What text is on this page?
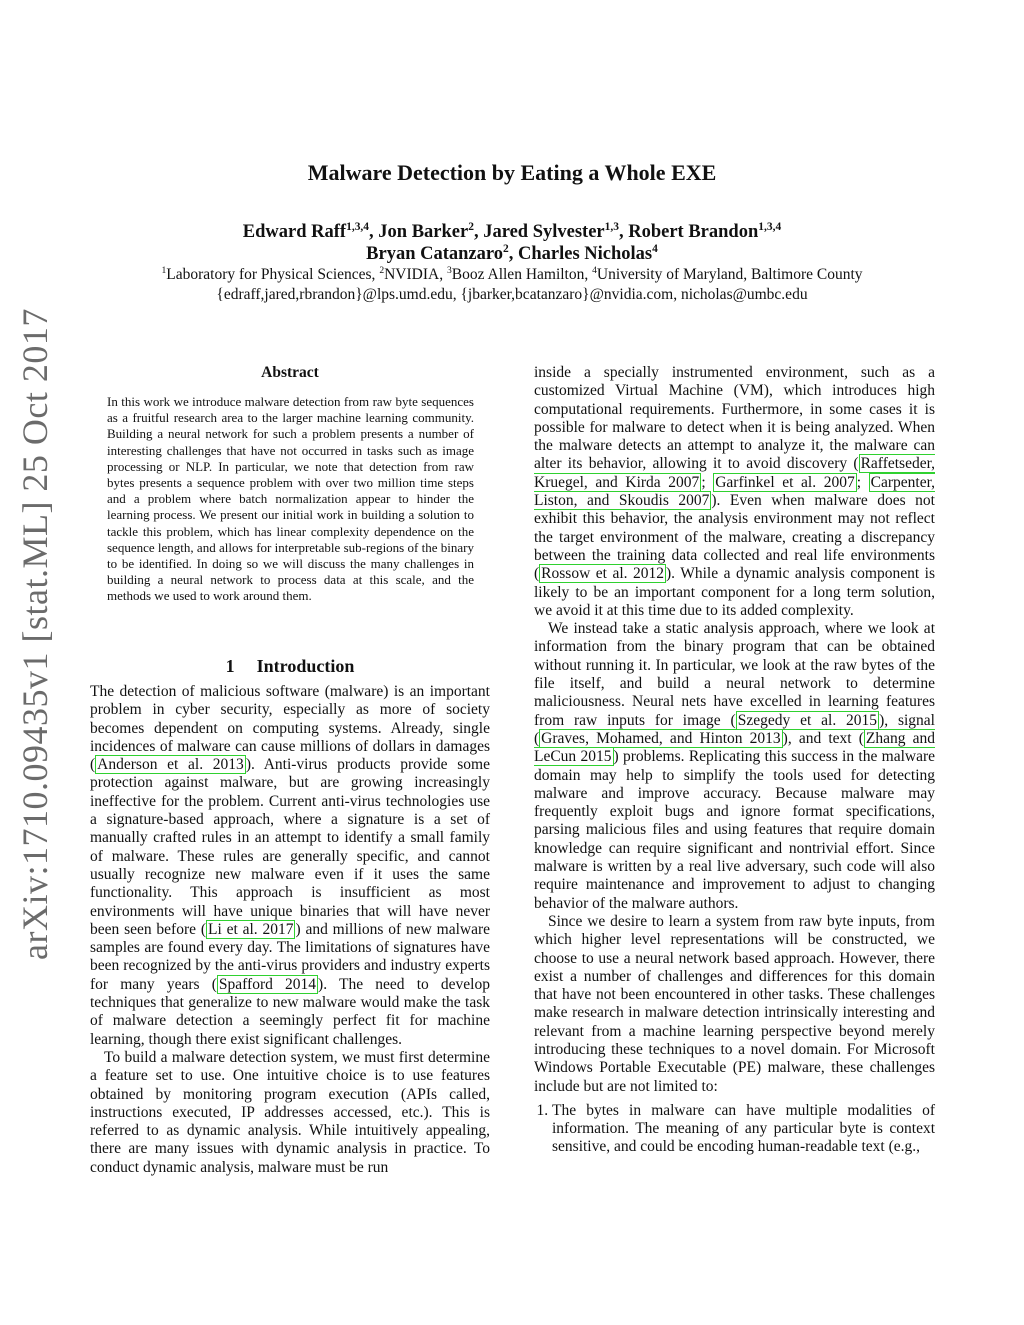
Malware Detection by Eating a Whole EXE
Edward Raff$^{1,3,4}$, Jon Barker$^2$, Jared Sylvester$^{1,3}$, Robert Brandon$^{1,3,4}$
Bryan Catanzaro$^2$, Charles Nicholas$^4$
$^1$Laboratory for Physical Sciences, $^2$NVIDIA, $^3$Booz Allen Hamilton, $^4$University of Maryland, Baltimore County
{edraff,jared,rbrandon}@lps.umd.edu, {jbarker,bcatanzaro}@nvidia.com, nicholas@umbc.edu
arXiv:1710.09435v1 [stat.ML] 25 Oct 2017	Abstract
In this work we introduce malware detection from raw byte sequences as a fruitful research area to the larger machine learning community. Building a neural network for such a problem presents a number of interesting challenges that have not occurred in tasks such as image processing or NLP. In particular, we note that detection from raw bytes presents a sequence problem with over two million time steps and a problem where batch normalization appear to hinder the learning process. We present our initial work in building a solution to tackle this problem, which has linear complexity dependence on the sequence length, and allows for interpretable sub-regions of the binary to be identified. In doing so we will discuss the many challenges in building a neural network to process data at this scale, and the methods we used to work around them.
1 Introduction

The detection of malicious software (malware) is an important problem in cyber security, especially as more of society becomes dependent on computing systems. Already, single incidences of malware can cause millions of dollars in damages ( Anderson et al. 2013 ). Anti-virus products provide some protection against malware, but are growing increasingly ineffective for the problem. Current anti-virus technologies use a signature-based approach, where a signature is a set of manually crafted rules in an attempt to identify a small family of malware. These rules are generally specific, and cannot usually recognize new malware even if it uses the same functionality. This approach is insufficient as most environments will have unique binaries that will have never been seen before ( Li et al. 2017 ) and millions of new malware samples are found every day. The limitations of signatures have been recognized by the anti-virus providers and industry experts for many years ( Spafford 2014 ). The need to develop techniques that generalize to new malware would make the task of malware detection a seemingly perfect fit for machine learning, though there exist significant challenges.

To build a malware detection system, we must first determine a feature set to use. One intuitive choice is to use features obtained by monitoring program execution (APIs called, instructions executed, IP addresses accessed, etc.). This is referred to as dynamic analysis. While intuitively appealing, there are many issues with dynamic analysis in practice. To conduct dynamic analysis, malware must be run

inside a specially instrumented environment, such as a customized Virtual Machine (VM), which introduces high computational requirements. Furthermore, in some cases it is possible for malware to detect when it is being analyzed. When the malware detects an attempt to analyze it, the malware can alter its behavior, allowing it to avoid discovery ( Raffetseder, Kruegel, and Kirda 2007 ; Garfinkel et al. 2007 ; Carpenter, Liston, and Skoudis 2007 ). Even when malware does not exhibit this behavior, the analysis environment may not reflect the target environment of the malware, creating a discrepancy between the training data collected and real life environments ( Rossow et al. 2012 ). While a dynamic analysis component is likely to be an important component for a long term solution, we avoid it at this time due to its added complexity.

We instead take a static analysis approach, where we look at information from the binary program that can be obtained without running it. In particular, we look at the raw bytes of the file itself, and build a neural network to determine maliciousness. Neural nets have excelled in learning features from raw inputs for image ( Szegedy et al. 2015 ), signal ( Graves, Mohamed, and Hinton 2013 ), and text ( Zhang and LeCun 2015 ) problems. Replicating this success in the malware domain may help to simplify the tools used for detecting malware and improve accuracy. Because malware may frequently exploit bugs and ignore format specifications, parsing malicious files and using features that require domain knowledge can require significant and nontrivial effort. Since malware is written by a real live adversary, such code will also require maintenance and improvement to adjust to changing behavior of the malware authors.

Since we desire to learn a system from raw byte inputs, from which higher level representations will be constructed, we choose to use a neural network based approach. However, there exist a number of challenges and differences for this domain that have not been encountered in other tasks. These challenges make research in malware detection intrinsically interesting and relevant from a machine learning perspective beyond merely introducing these techniques to a novel domain. For Microsoft Windows Portable Executable (PE) malware, these challenges include but are not limited to:

1. The bytes in malware can have multiple modalities of information. The meaning of any particular byte is context sensitive, and could be encoding human-readable text (e.g.,
